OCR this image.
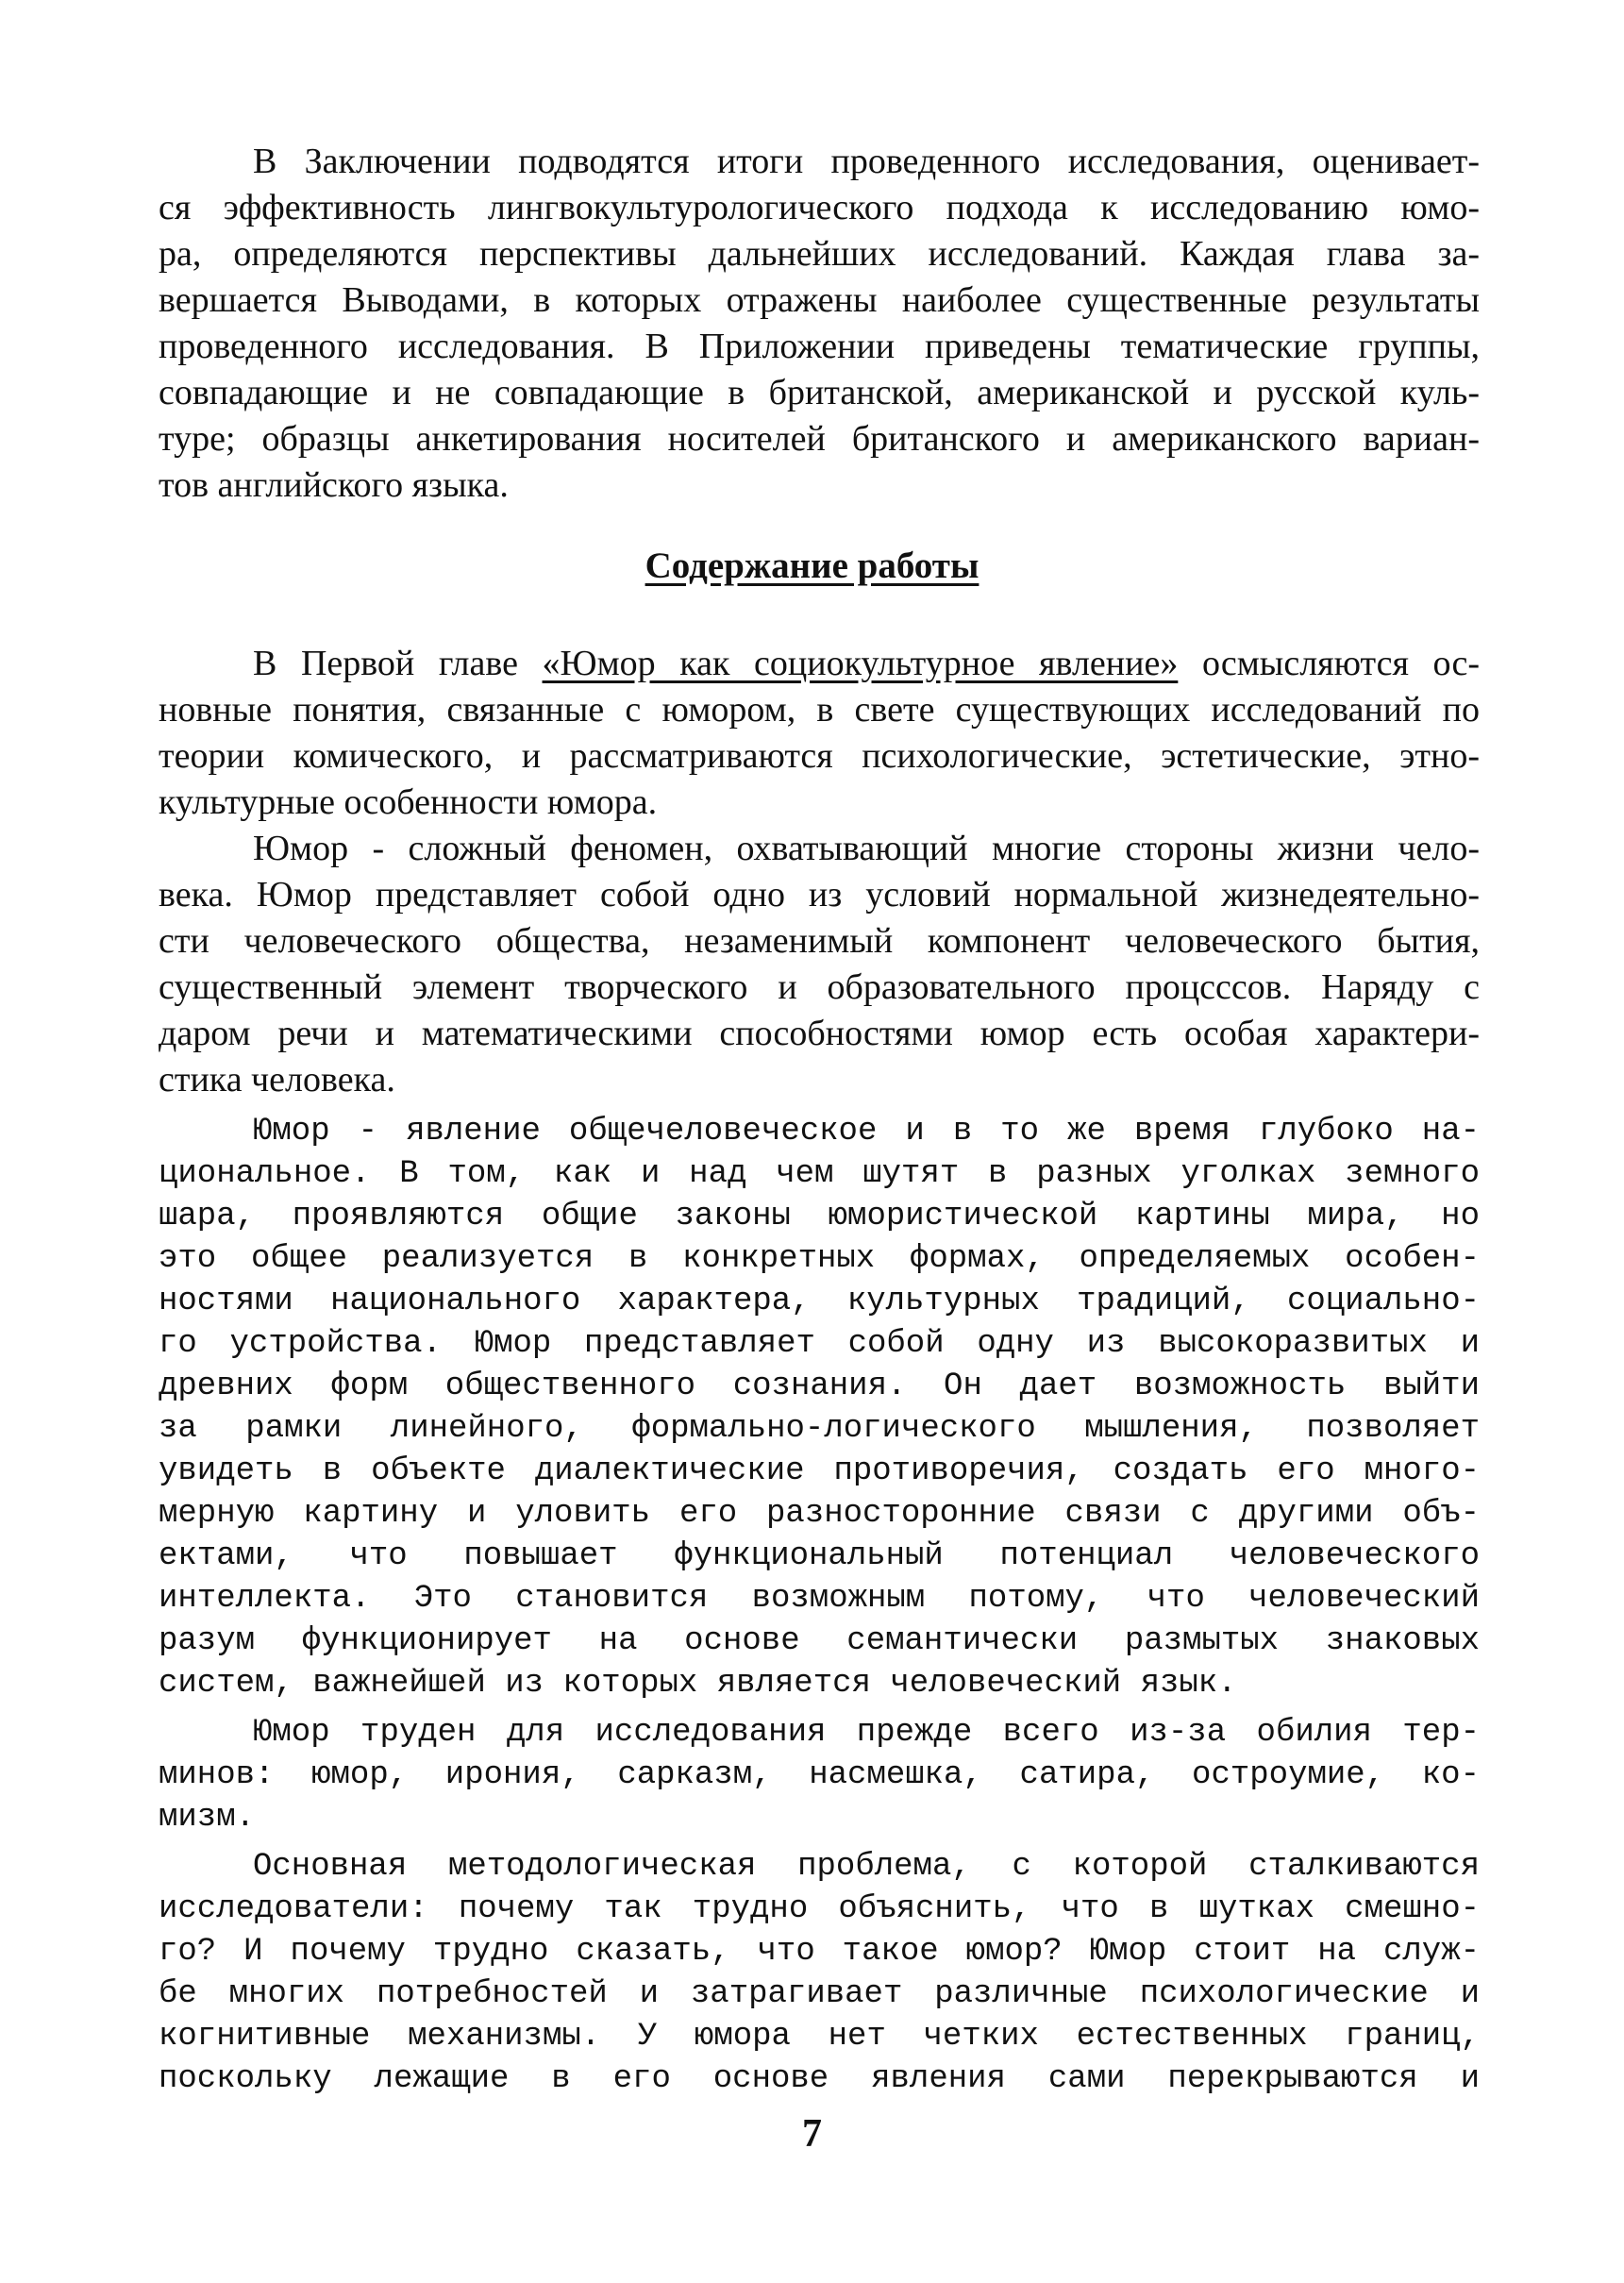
В Заключении подводятся итоги проведенного исследования, оценивает-
ся эффективность лингвокультурологического подхода к исследованию юмо-
ра, определяются перспективы дальнейших исследований. Каждая глава за-
вершается Выводами, в которых отражены наиболее существенные результаты
проведенного исследования. В Приложении приведены тематические группы,
совпадающие и не совпадающие в британской, американской и русской куль-
туре; образцы анкетирования носителей британского и американского вариан-
тов английского языка.
Содержание работы
В Первой главе «Юмор как социокультурное явление» осмысляются ос-
новные понятия, связанные с юмором, в свете существующих исследований по
теории комического, и рассматриваются психологические, эстетические, этно-
культурные особенности юмора.
Юмор - сложный феномен, охватывающий многие стороны жизни чело-
века. Юмор представляет собой одно из условий нормальной жизнедеятельно-
сти человеческого общества, незаменимый компонент человеческого бытия,
существенный элемент творческого и образовательного процсссов. Наряду с
даром речи и математическими способностями юмор есть особая характери-
стика человека.
Юмор - явление общечеловеческое и в то же время глубоко на-
циональное. В том, как и над чем шутят в разных уголках земного
шара, проявляются общие законы юмористической картины мира, но
это общее реализуется в конкретных формах, определяемых особен-
ностями национального характера, культурных традиций, социально-
го устройства. Юмор представляет собой одну из высокоразвитых и
древних форм общественного сознания. Он дает возможность выйти
за рамки линейного, формально-логического мышления, позволяет
увидеть в объекте диалектические противоречия, создать его много-
мерную картину и уловить его разносторонние связи с другими объ-
ектами, что повышает функциональный потенциал человеческого
интеллекта. Это становится возможным потому, что человеческий
разум функционирует на основе семантически размытых знаковых
систем, важнейшей из которых является человеческий язык.
Юмор труден для исследования прежде всего из-за обилия тер-
минов: юмор, ирония, сарказм, насмешка, сатира, остроумие, ко-
мизм.
Основная методологическая проблема, с которой сталкиваются
исследователи: почему так трудно объяснить, что в шутках смешно-
го? И почему трудно сказать, что такое юмор? Юмор стоит на служ-
бе многих потребностей и затрагивает различные психологические и
когнитивные механизмы. У юмора нет четких естественных границ,
поскольку лежащие в его основе явления сами перекрываются и
7
